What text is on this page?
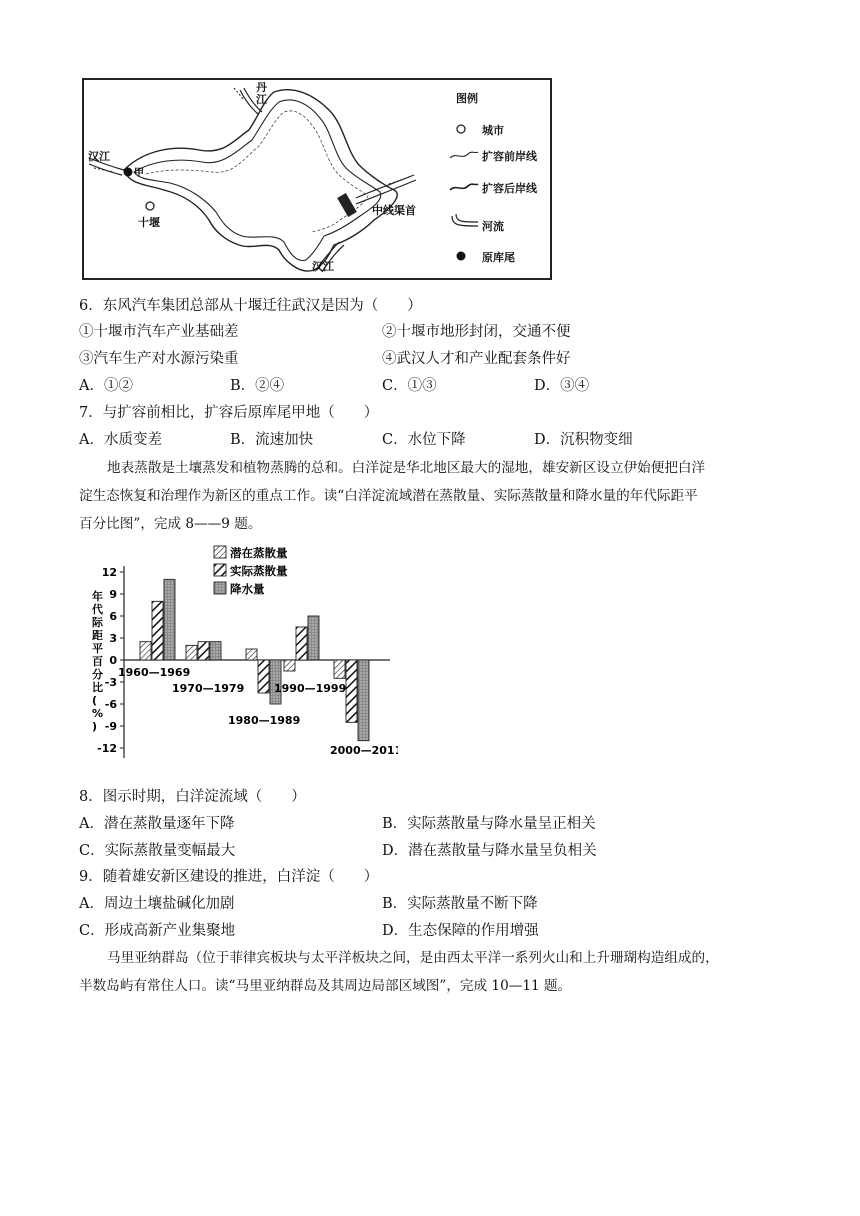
丹
江
汉江
甲
十堰
中线渠首
汉江
图例
城市
扩容前岸线
扩容后岸线
河流
原库尾
6．东风汽车集团总部从十堰迁往武汉是因为（　　）
①十堰市汽车产业基础差	②十堰市地形封闭，交通不便
③汽车生产对水源污染重	④武汉人才和产业配套条件好
A．①②	B．②④	C．①③	D．③④
7．与扩容前相比，扩容后原库尾甲地（　　）
A．水质变差	B．流速加快	C．水位下降	D．沉积物变细
地表蒸散是土壤蒸发和植物蒸腾的总和。白洋淀是华北地区最大的湿地，雄安新区设立伊始便把白洋
淀生态恢复和治理作为新区的重点工作。读“白洋淀流域潜在蒸散量、实际蒸散量和降水量的年代际距平
百分比图”，完成 8——9 题。
12
9
6
3
0
-3
-6
-9
-12
年代际距平百分比( % )
1960—1969
1970—1979
1980—1989
1990—1999
2000—2011
潜在蒸散量
实际蒸散量
降水量
8．图示时期，白洋淀流域（　　）
A．潜在蒸散量逐年下降	B．实际蒸散量与降水量呈正相关
C．实际蒸散量变幅最大	D．潜在蒸散量与降水量呈负相关
9．随着雄安新区建设的推进，白洋淀（　　）
A．周边土壤盐碱化加剧	B．实际蒸散量不断下降
C．形成高新产业集聚地	D．生态保障的作用增强
马里亚纳群岛（位于菲律宾板块与太平洋板块之间，是由西太平洋一系列火山和上升珊瑚构造组成的，
半数岛屿有常住人口。读“马里亚纳群岛及其周边局部区域图”，完成 10—11 题。
